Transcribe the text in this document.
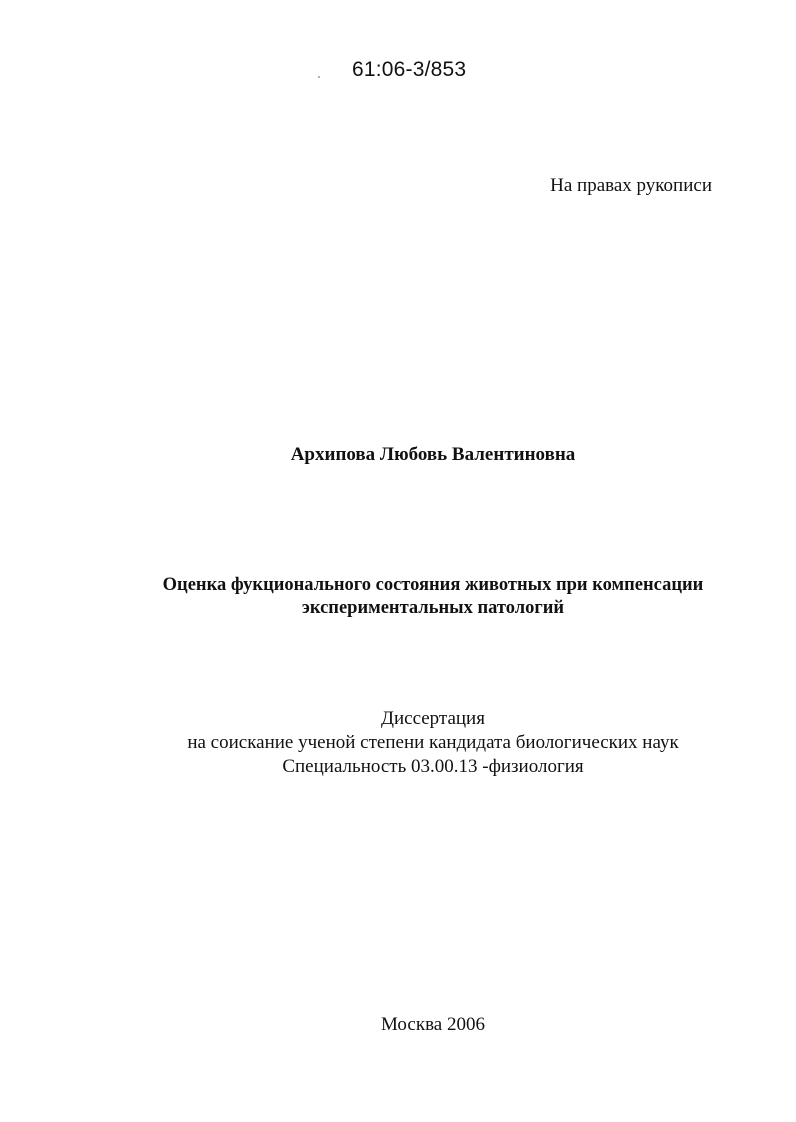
61:06-3/853
На правах рукописи
Архипова Любовь Валентиновна
Оценка фукционального состояния животных при компенсации
экспериментальных патологий
Диссертация
на соискание ученой степени кандидата биологических наук
Специальность 03.00.13 -физиология
Москва 2006
